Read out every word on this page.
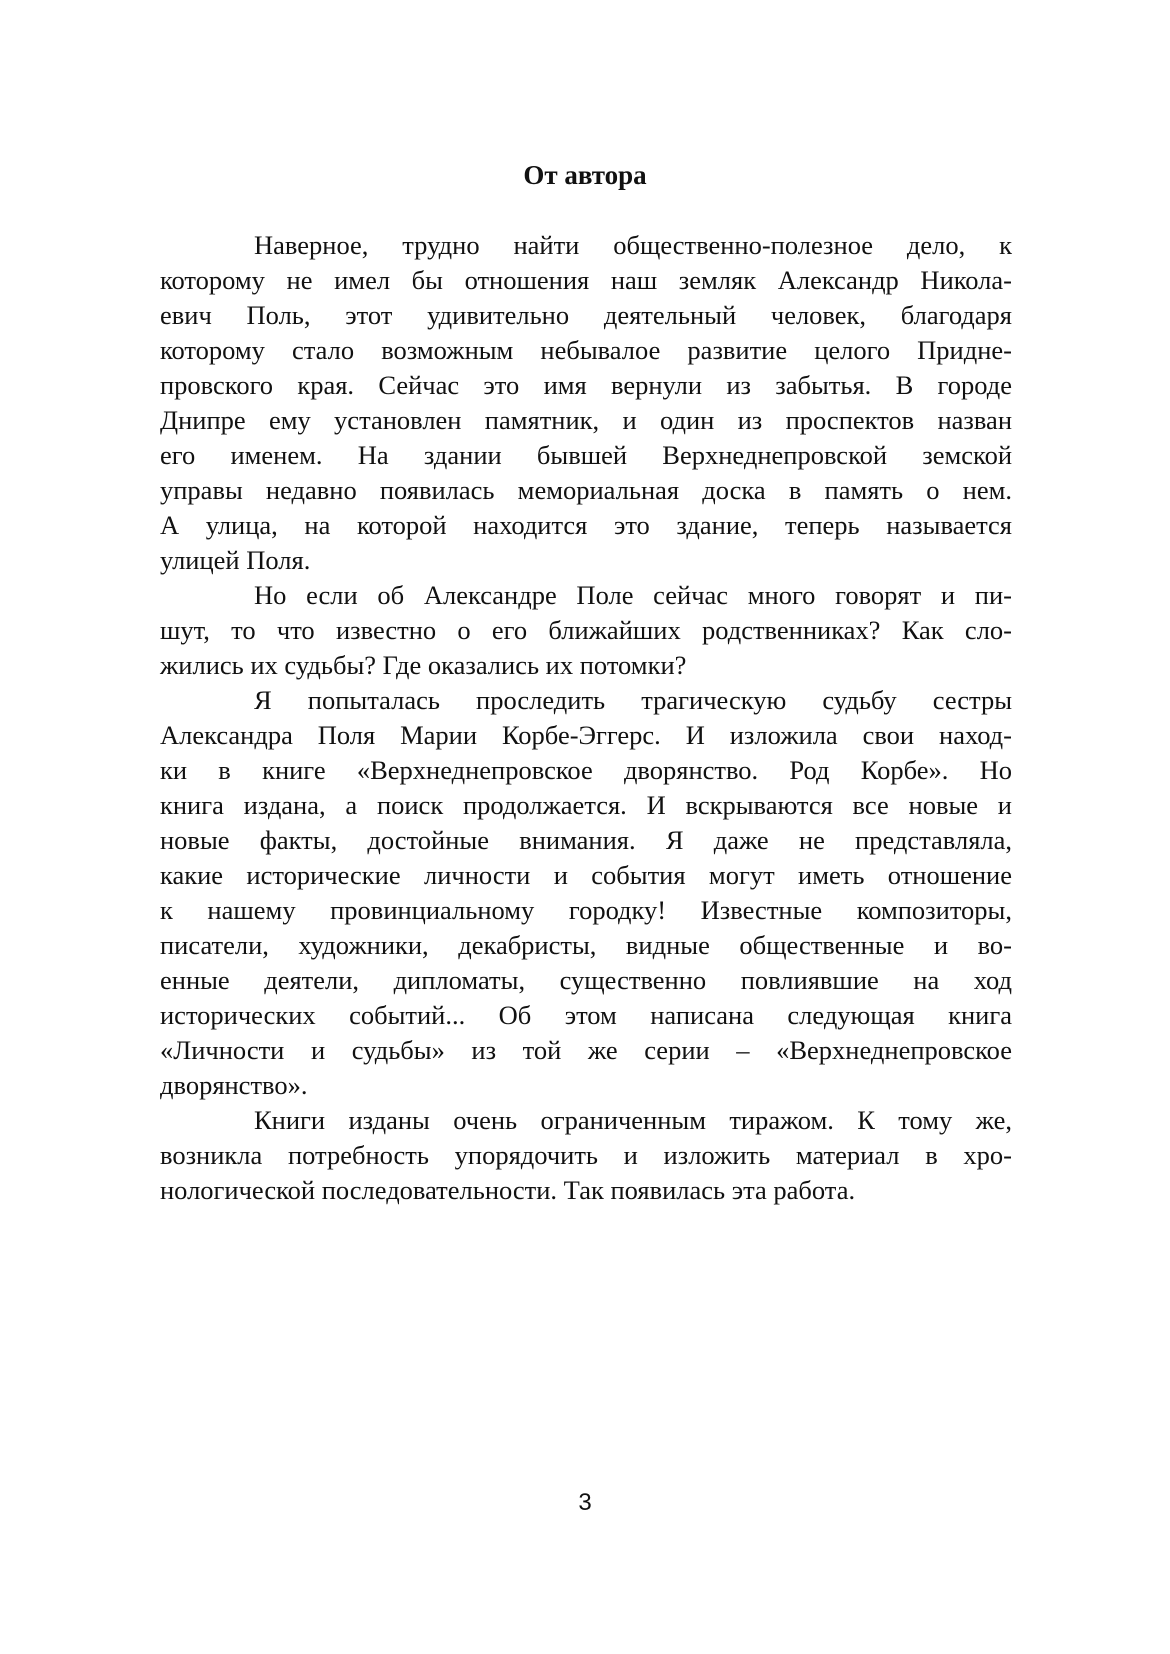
От автора

Наверное, трудно найти общественно-полезное дело, к
которому не имел бы отношения наш земляк Александр Никола-
евич Поль, этот удивительно деятельный человек, благодаря
которому стало возможным небывалое развитие целого Придне-
провского края. Сейчас это имя вернули из забытья. В городе
Днипре ему установлен памятник, и один из проспектов назван
его именем. На здании бывшей Верхнеднепровской земской
управы недавно появилась мемориальная доска в память о нем.
А улица, на которой находится это здание, теперь называется
улицей Поля.

Но если об Александре Поле сейчас много говорят и пи-
шут, то что известно о его ближайших родственниках? Как сло-
жились их судьбы? Где оказались их потомки?

Я попыталась проследить трагическую судьбу сестры
Александра Поля Марии Корбе-Эггерс. И изложила свои наход-
ки в книге «Верхнеднепровское дворянство. Род Корбе». Но
книга издана, а поиск продолжается. И вскрываются все новые и
новые факты, достойные внимания. Я даже не представляла,
какие исторические личности и события могут иметь отношение
к нашему провинциальному городку! Известные композиторы,
писатели, художники, декабристы, видные общественные и во-
енные деятели, дипломаты, существенно повлиявшие на ход
исторических событий... Об этом написана следующая книга
«Личности и судьбы» из той же серии – «Верхнеднепровское
дворянство».

Книги изданы очень ограниченным тиражом. К тому же,
возникла потребность упорядочить и изложить материал в хро-
нологической последовательности. Так появилась эта работа.

3
